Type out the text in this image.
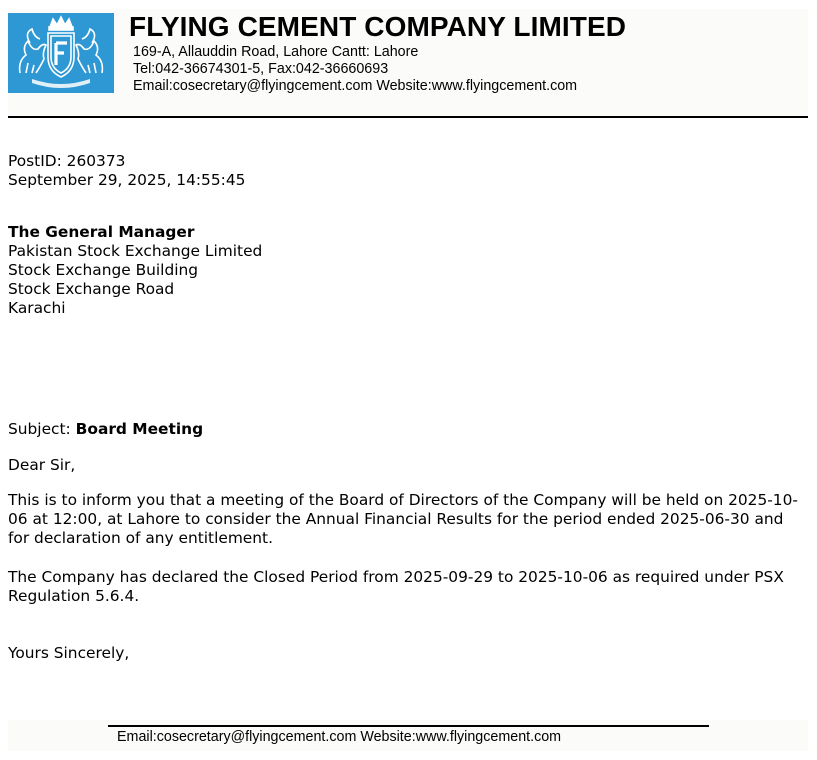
FLYING CEMENT COMPANY LIMITED
169-A, Allauddin Road, Lahore Cantt: Lahore
Tel:042-36674301-5, Fax:042-36660693
Email:cosecretary@flyingcement.com Website:www.flyingcement.com
PostID: 260373
September 29, 2025, 14:55:45
The General Manager
Pakistan Stock Exchange Limited
Stock Exchange Building
Stock Exchange Road
Karachi
Subject: Board Meeting
Dear Sir,
This is to inform you that a meeting of the Board of Directors of the Company will be held on 2025-10-06 at 12:00, at Lahore to consider the Annual Financial Results for the period ended 2025-06-30 and for declaration of any entitlement.
The Company has declared the Closed Period from 2025-09-29 to 2025-10-06 as required under PSX Regulation 5.6.4.
Yours Sincerely,
Email:cosecretary@flyingcement.com Website:www.flyingcement.com
